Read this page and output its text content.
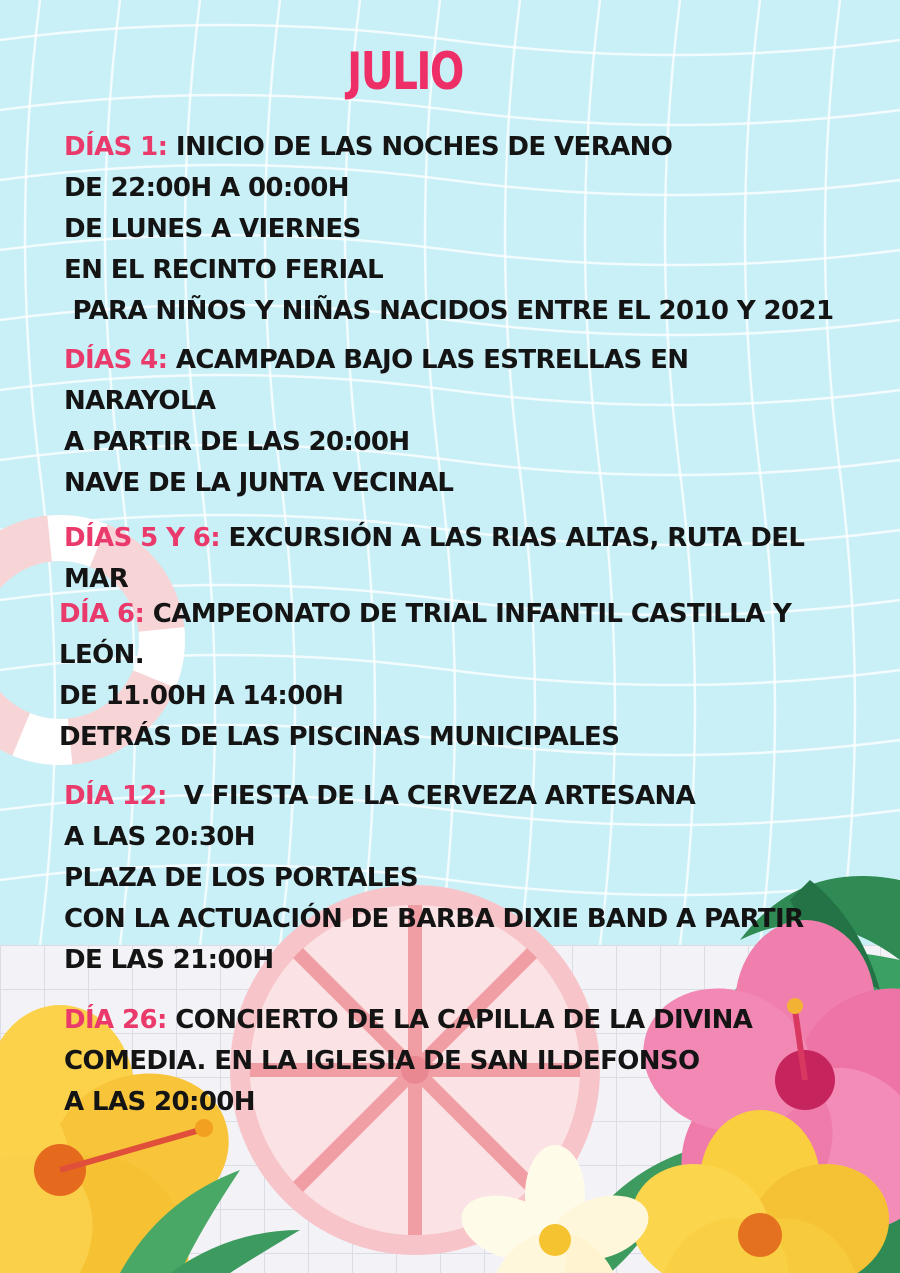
JULIO
DÍAS 1: INICIO DE LAS NOCHES DE VERANO
DE 22:00H A 00:00H
DE LUNES A VIERNES
EN EL RECINTO FERIAL
PARA NIÑOS Y NIÑAS NACIDOS ENTRE EL 2010 Y 2021
DÍAS 4: ACAMPADA BAJO LAS ESTRELLAS EN
NARAYOLA
A PARTIR DE LAS 20:00H
NAVE DE LA JUNTA VECINAL
DÍAS 5 Y 6: EXCURSIÓN A LAS RIAS ALTAS, RUTA DEL
MAR
DÍA 6: CAMPEONATO DE TRIAL INFANTIL CASTILLA Y
LEÓN.
DE 11.00H A 14:00H
DETRÁS DE LAS PISCINAS MUNICIPALES
DÍA 12:  V FIESTA DE LA CERVEZA ARTESANA
A LAS 20:30H
PLAZA DE LOS PORTALES
CON LA ACTUACIÓN DE BARBA DIXIE BAND A PARTIR
DE LAS 21:00H
DÍA 26: CONCIERTO DE LA CAPILLA DE LA DIVINA
COMEDIA. EN LA IGLESIA DE SAN ILDEFONSO
A LAS 20:00H
